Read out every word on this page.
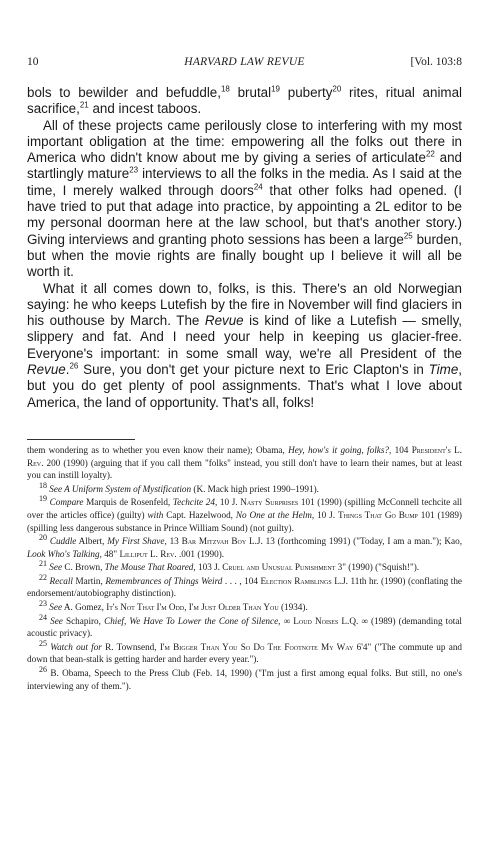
10	HARVARD LAW REVUE	[Vol. 103:8

bols to bewilder and befuddle,$^{18}$ brutal$^{19}$ puberty$^{20}$ rites, ritual animal sacrifice,$^{21}$ and incest taboos.

All of these projects came perilously close to interfering with my most important obligation at the time: empowering all the folks out there in America who didn't know about me by giving a series of articulate$^{22}$ and startlingly mature$^{23}$ interviews to all the folks in the media. As I said at the time, I merely walked through doors$^{24}$ that other folks had opened. (I have tried to put that adage into practice, by appointing a 2L editor to be my personal doorman here at the law school, but that's another story.) Giving interviews and granting photo sessions has been a large$^{25}$ burden, but when the movie rights are finally bought up I believe it will all be worth it.

What it all comes down to, folks, is this. There's an old Norwegian saying: he who keeps Lutefish by the fire in November will find glaciers in his outhouse by March. The Revue is kind of like a Lutefish — smelly, slippery and fat. And I need your help in keeping us glacier-free. Everyone's important: in some small way, we're all President of the Revue.$^{26}$ Sure, you don't get your picture next to Eric Clapton's in Time, but you do get plenty of pool assignments. That's what I love about America, the land of opportunity. That's all, folks!

them wondering as to whether you even know their name); Obama, Hey, how's it going, folks?, 104 President's L. Rev. 200 (1990) (arguing that if you call them "folks" instead, you still don't have to learn their names, but at least you can instill loyalty).

$^{18}$ See A Uniform System of Mystification (K. Mack high priest 1990–1991).

$^{19}$ Compare Marquis de Rosenfeld, Techcite 24, 10 J. Nasty Surprises 101 (1990) (spilling McConnell techcite all over the articles office) (guilty) with Capt. Hazelwood, No One at the Helm, 10 J. Things That Go Bump 101 (1989) (spilling less dangerous substance in Prince William Sound) (not guilty).

$^{20}$ Cuddle Albert, My First Shave, 13 Bar Mitzvah Boy L.J. 13 (forthcoming 1991) ("Today, I am a man."); Kao, Look Who's Talking, 48" Lilliput L. Rev. .001 (1990).

$^{21}$ See C. Brown, The Mouse That Roared, 103 J. Cruel and Unusual Punishment 3" (1990) ("Squish!").

$^{22}$ Recall Martin, Remembrances of Things Weird . . . , 104 Election Ramblings L.J. 11th hr. (1990) (conflating the endorsement/autobiography distinction).

$^{23}$ See A. Gomez, It's Not That I'm Odd, I'm Just Older Than You (1934).

$^{24}$ See Schapiro, Chief, We Have To Lower the Cone of Silence, ∞ Loud Noises L.Q. ∞ (1989) (demanding total acoustic privacy).

$^{25}$ Watch out for R. Townsend, I'm Bigger Than You So Do The Footnote My Way 6'4" ("The commute up and down that bean-stalk is getting harder and harder every year.").

$^{26}$ B. Obama, Speech to the Press Club (Feb. 14, 1990) ("I'm just a first among equal folks. But still, no one's interviewing any of them.").
